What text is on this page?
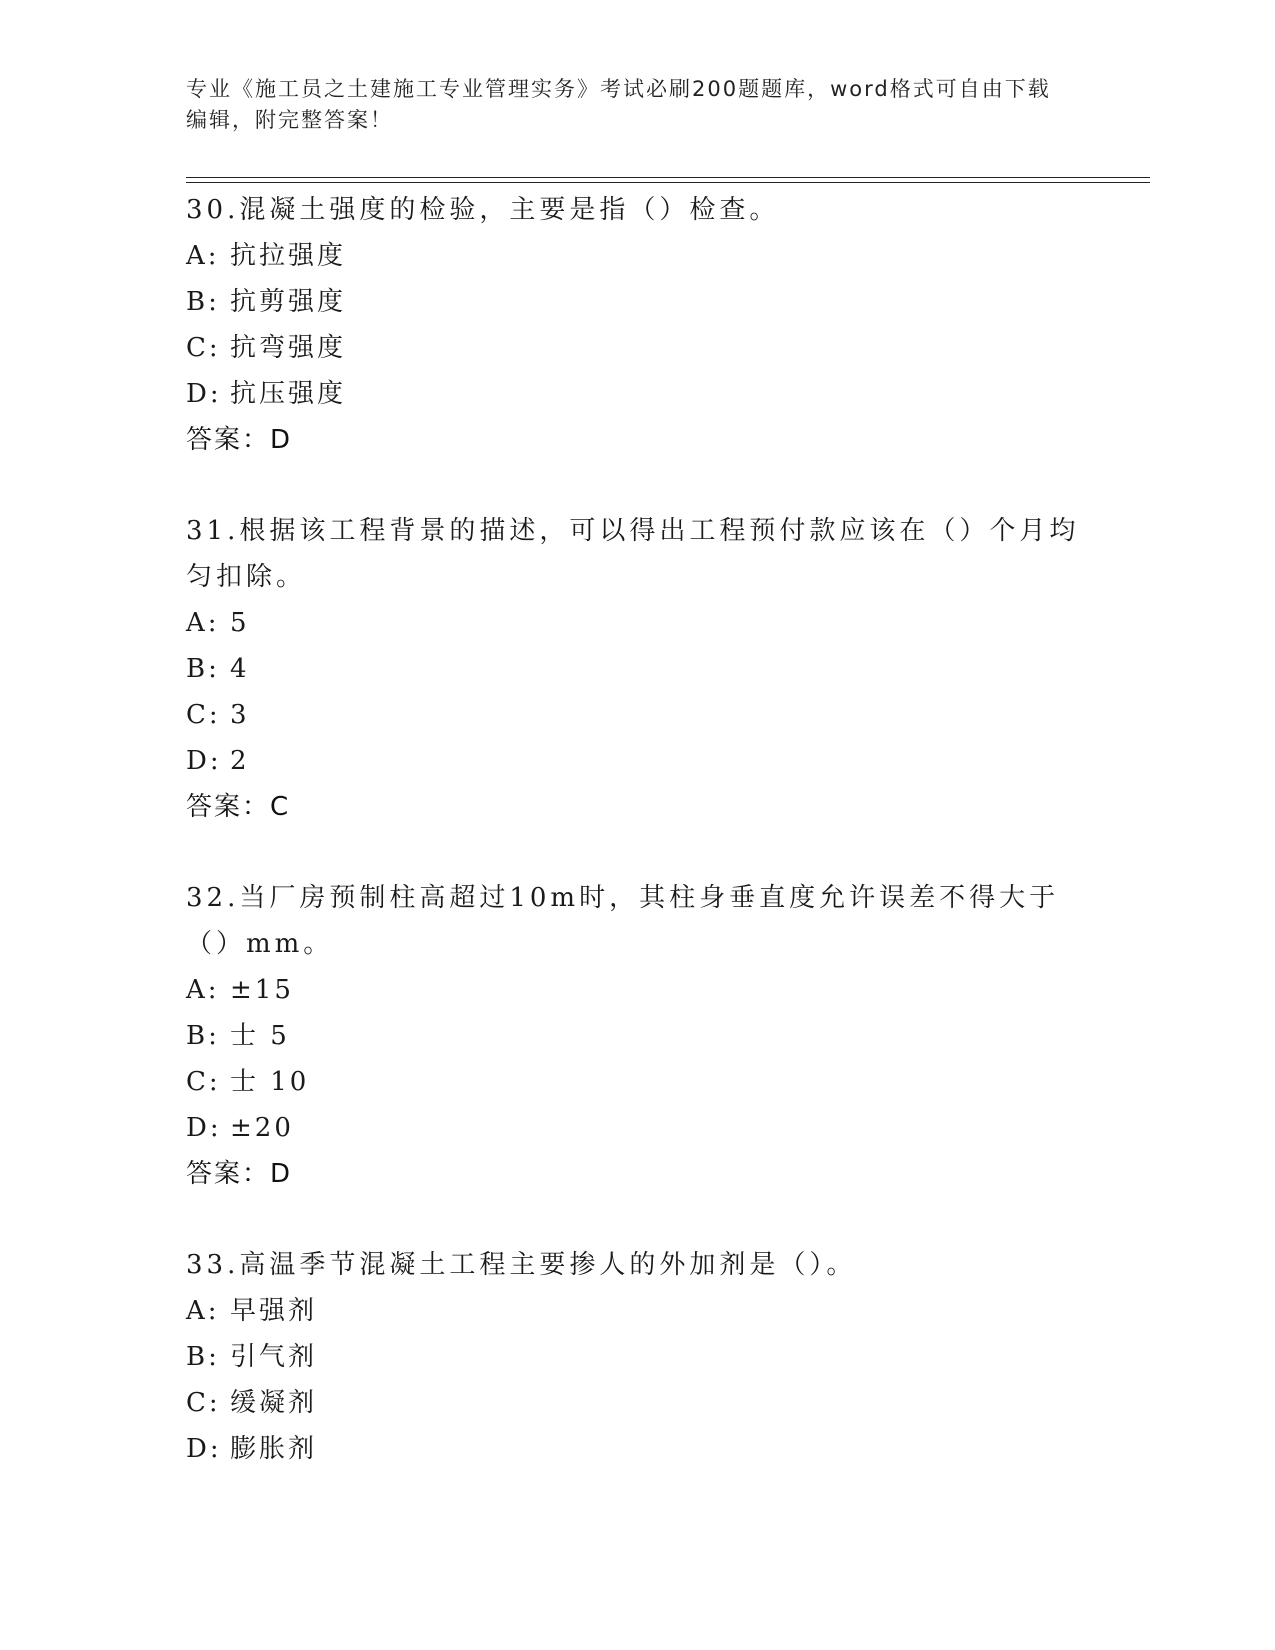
专业《施工员之土建施工专业管理实务》考试必刷200题题库，word格式可自由下载编辑，附完整答案！
30.混凝土强度的检验，主要是指（）检查。
A: 抗拉强度
B: 抗剪强度
C: 抗弯强度
D: 抗压强度
答案：D
31.根据该工程背景的描述，可以得出工程预付款应该在（）个月均匀扣除。
A: 5
B: 4
C: 3
D: 2
答案：C
32.当厂房预制柱高超过10m时，其柱身垂直度允许误差不得大于（）mm。
A: ±15
B: 士 5
C: 士 10
D: ±20
答案：D
33.高温季节混凝土工程主要掺人的外加剂是（）。
A: 早强剂
B: 引气剂
C: 缓凝剂
D: 膨胀剂
